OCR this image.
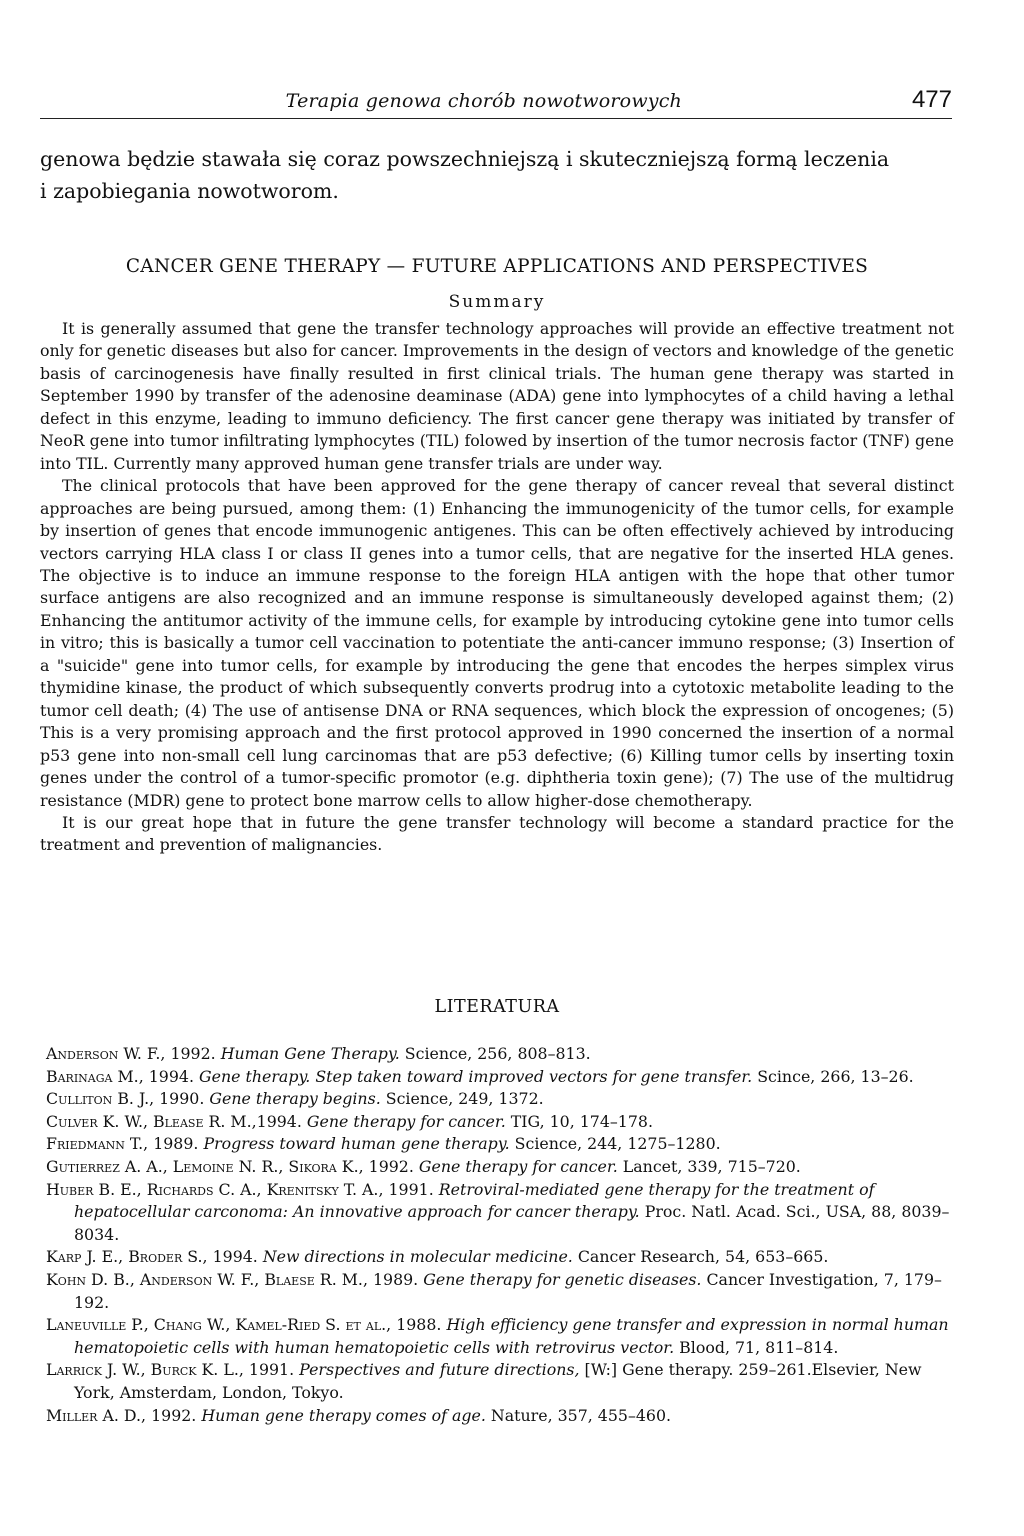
Terapia genowa chorób nowotworowych	477
genowa będzie stawała się coraz powszechniejszą i skuteczniejszą formą leczenia
i zapobiegania nowotworom.
CANCER GENE THERAPY — FUTURE APPLICATIONS AND PERSPECTIVES
Summary

It is generally assumed that gene the transfer technology approaches will provide an effective treatment not only for genetic diseases but also for cancer. Improvements in the design of vectors and knowledge of the genetic basis of carcinogenesis have finally resulted in first clinical trials. The human gene therapy was started in September 1990 by transfer of the adenosine deaminase (ADA) gene into lymphocytes of a child having a lethal defect in this enzyme, leading to immuno deficiency. The first cancer gene therapy was initiated by transfer of NeoR gene into tumor infiltrating lymphocytes (TIL) folowed by insertion of the tumor necrosis factor (TNF) gene into TIL. Currently many approved human gene transfer trials are under way.

The clinical protocols that have been approved for the gene therapy of cancer reveal that several distinct approaches are being pursued, among them: (1) Enhancing the immunogenicity of the tumor cells, for example by insertion of genes that encode immunogenic antigenes. This can be often effectively achieved by introducing vectors carrying HLA class I or class II genes into a tumor cells, that are negative for the inserted HLA genes. The objective is to induce an immune response to the foreign HLA antigen with the hope that other tumor surface antigens are also recognized and an immune response is simultaneously developed against them; (2) Enhancing the antitumor activity of the immune cells, for example by introducing cytokine gene into tumor cells in vitro; this is basically a tumor cell vaccination to potentiate the anti-cancer immuno response; (3) Insertion of a "suicide" gene into tumor cells, for example by introducing the gene that encodes the herpes simplex virus thymidine kinase, the product of which subsequently converts prodrug into a cytotoxic metabolite leading to the tumor cell death; (4) The use of antisense DNA or RNA sequences, which block the expression of oncogenes; (5) This is a very promising approach and the first protocol approved in 1990 concerned the insertion of a normal p53 gene into non-small cell lung carcinomas that are p53 defective; (6) Killing tumor cells by inserting toxin genes under the control of a tumor-specific promotor (e.g. diphtheria toxin gene); (7) The use of the multidrug resistance (MDR) gene to protect bone marrow cells to allow higher-dose chemotherapy.

It is our great hope that in future the gene transfer technology will become a standard practice for the treatment and prevention of malignancies.

LITERATURA
Anderson W. F., 1992. Human Gene Therapy. Science, 256, 808–813.
Barinaga M., 1994. Gene therapy. Step taken toward improved vectors for gene transfer. Scince, 266, 13–26.
Culliton B. J., 1990. Gene therapy begins. Science, 249, 1372.
Culver K. W., Blease R. M.,1994. Gene therapy for cancer. TIG, 10, 174–178.
Friedmann T., 1989. Progress toward human gene therapy. Science, 244, 1275–1280.
Gutierrez A. A., Lemoine N. R., Sikora K., 1992. Gene therapy for cancer. Lancet, 339, 715–720.
Huber B. E., Richards C. A., Krenitsky T. A., 1991. Retroviral-mediated gene therapy for the treatment of hepatocellular carconoma: An innovative approach for cancer therapy. Proc. Natl. Acad. Sci., USA, 88, 8039–8034.
Karp J. E., Broder S., 1994. New directions in molecular medicine. Cancer Research, 54, 653–665.
Kohn D. B., Anderson W. F., Blaese R. M., 1989. Gene therapy for genetic diseases. Cancer Investigation, 7, 179–192.
Laneuville P., Chang W., Kamel-Ried S. et al., 1988. High efficiency gene transfer and expression in normal human hematopoietic cells with human hematopoietic cells with retrovirus vector. Blood, 71, 811–814.
Larrick J. W., Burck K. L., 1991. Perspectives and future directions, [W:] Gene therapy. 259–261.Elsevier, New York, Amsterdam, London, Tokyo.
Miller A. D., 1992. Human gene therapy comes of age. Nature, 357, 455–460.
